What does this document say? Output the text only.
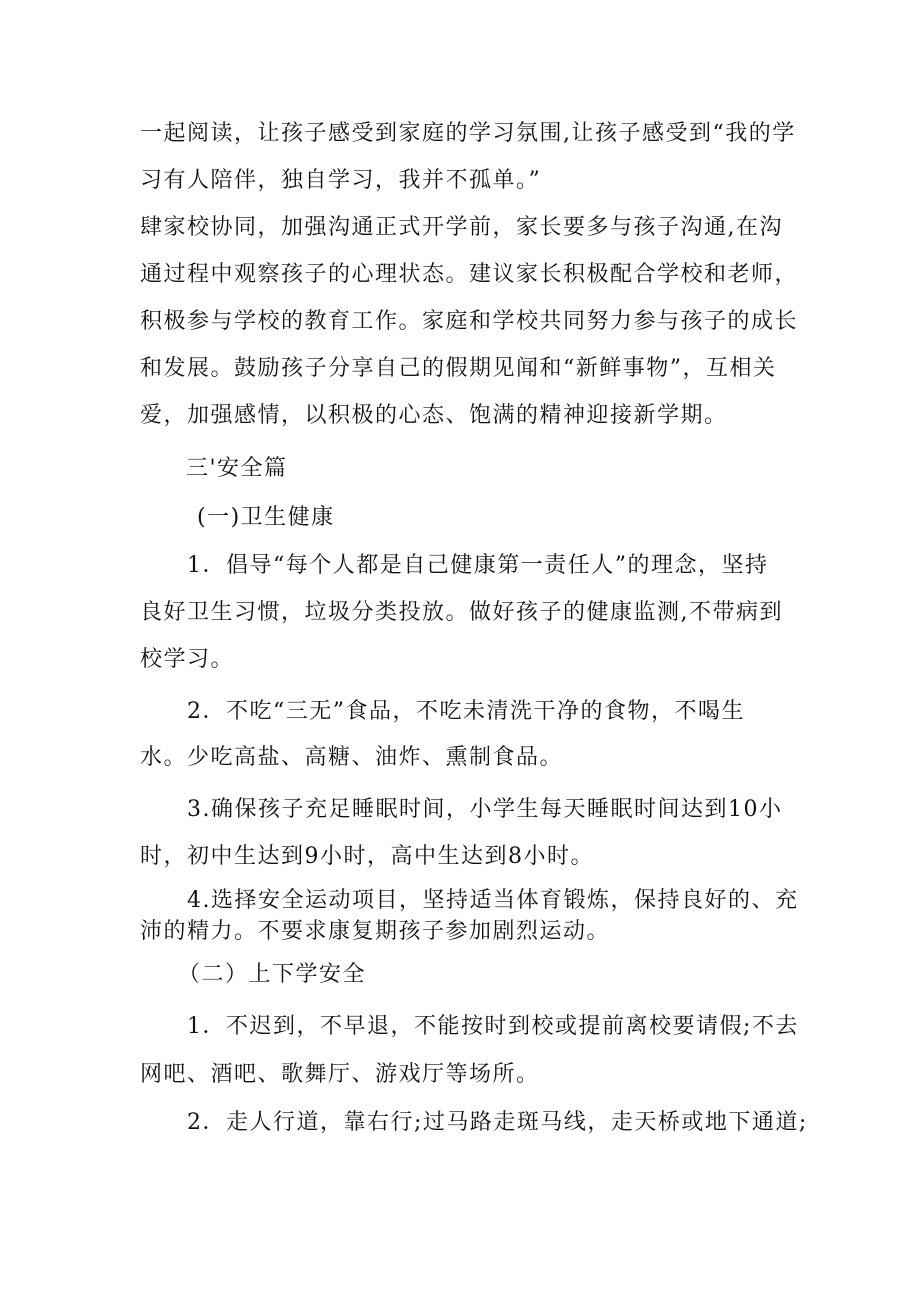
一起阅读，让孩子感受到家庭的学习氛围,让孩子感受到“我的学
习有人陪伴，独自学习，我并不孤单。”
肆家校协同，加强沟通正式开学前，家长要多与孩子沟通,在沟
通过程中观察孩子的心理状态。建议家长积极配合学校和老师，
积极参与学校的教育工作。家庭和学校共同努力参与孩子的成长
和发展。鼓励孩子分享自己的假期见闻和“新鲜事物”，互相关
爱，加强感情，以积极的心态、饱满的精神迎接新学期。
三'安全篇
(一)卫生健康
1．倡导“每个人都是自己健康第一责任人”的理念，坚持
良好卫生习惯，垃圾分类投放。做好孩子的健康监测,不带病到
校学习。
2．不吃“三无”食品，不吃未清洗干净的食物，不喝生
水。少吃高盐、高糖、油炸、熏制食品。
3.确保孩子充足睡眠时间，小学生每天睡眠时间达到10小
时，初中生达到9小时，高中生达到8小时。
4.选择安全运动项目，坚持适当体育锻炼，保持良好的、充
沛的精力。不要求康复期孩子参加剧烈运动。
（二）上下学安全
1．不迟到，不早退，不能按时到校或提前离校要请假;不去
网吧、酒吧、歌舞厅、游戏厅等场所。
2．走人行道，靠右行;过马路走斑马线，走天桥或地下通道;
